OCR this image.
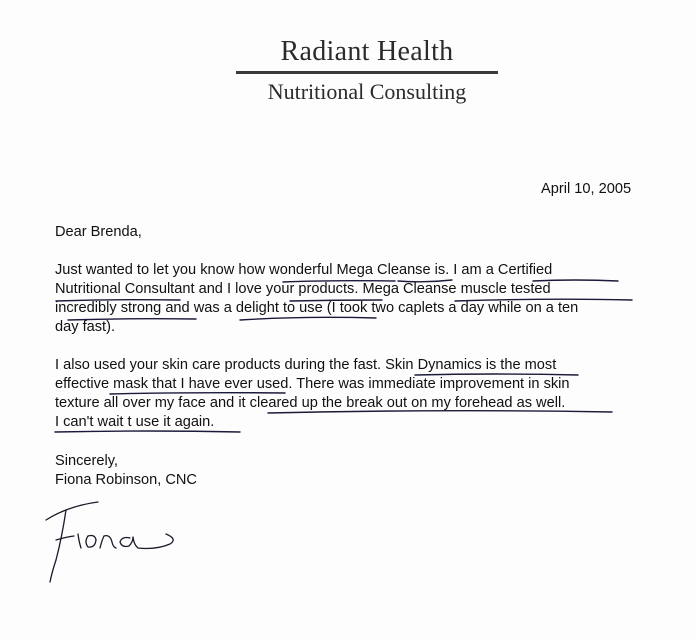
Radiant Health
Nutritional Consulting
April 10, 2005
Dear Brenda,
Just wanted to let you know how wonderful Mega Cleanse is. I am a Certified
Nutritional Consultant and I love your products. Mega Cleanse muscle tested
incredibly strong and was a delight to use (I took two caplets a day while on a ten
day fast).
I also used your skin care products during the fast. Skin Dynamics is the most
effective mask that I have ever used. There was immediate improvement in skin
texture all over my face and it cleared up the break out on my forehead as well.
I can't wait t use it again.
Sincerely,
Fiona Robinson, CNC
